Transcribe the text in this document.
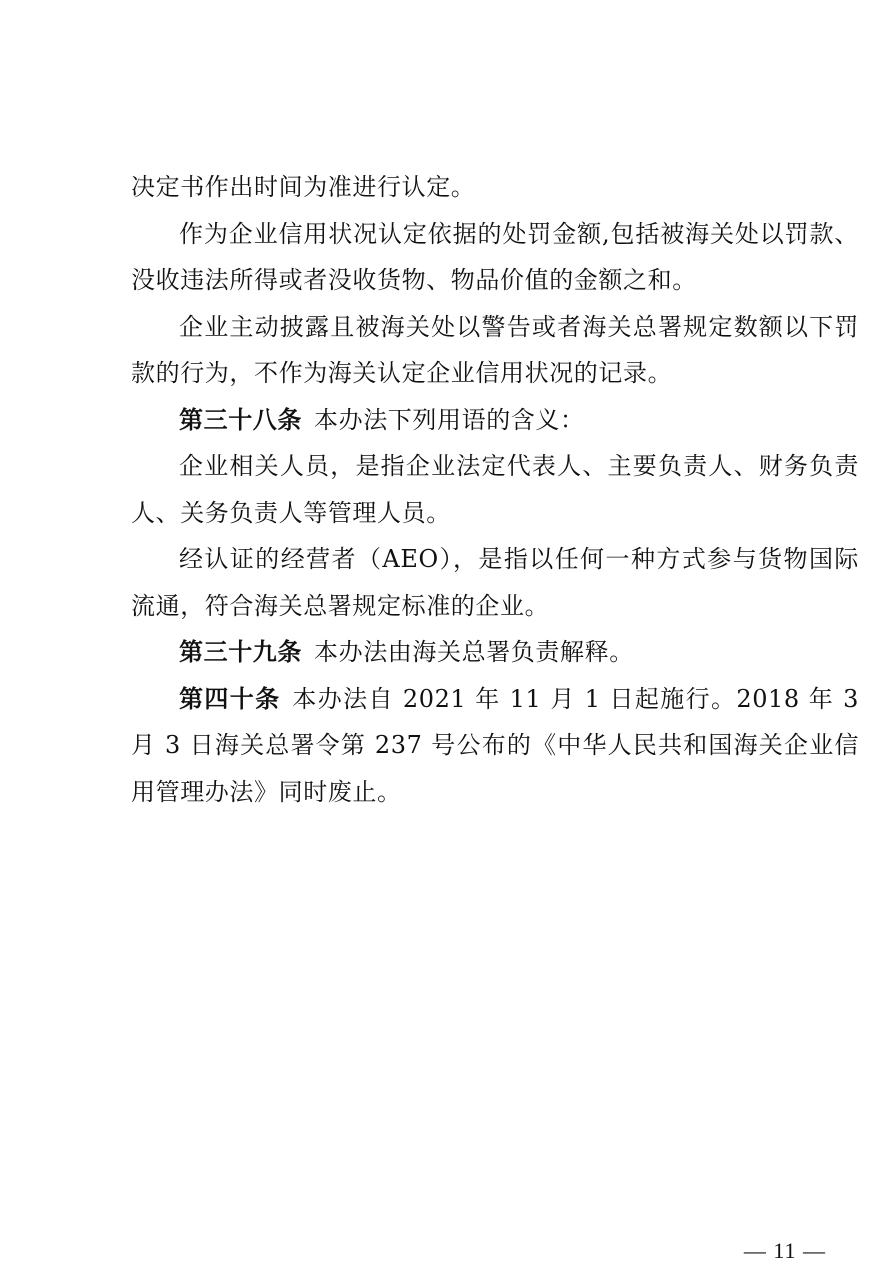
决定书作出时间为准进行认定。

作为企业信用状况认定依据的处罚金额,包括被海关处以罚款、没收违法所得或者没收货物、物品价值的金额之和。

企业主动披露且被海关处以警告或者海关总署规定数额以下罚款的行为，不作为海关认定企业信用状况的记录。

第三十八条 本办法下列用语的含义：

企业相关人员，是指企业法定代表人、主要负责人、财务负责人、关务负责人等管理人员。

经认证的经营者（AEO），是指以任何一种方式参与货物国际流通，符合海关总署规定标准的企业。

第三十九条 本办法由海关总署负责解释。

第四十条 本办法自 2021 年 11 月 1 日起施行。2018 年 3 月 3 日海关总署令第 237 号公布的《中华人民共和国海关企业信用管理办法》同时废止。

— 11 —
